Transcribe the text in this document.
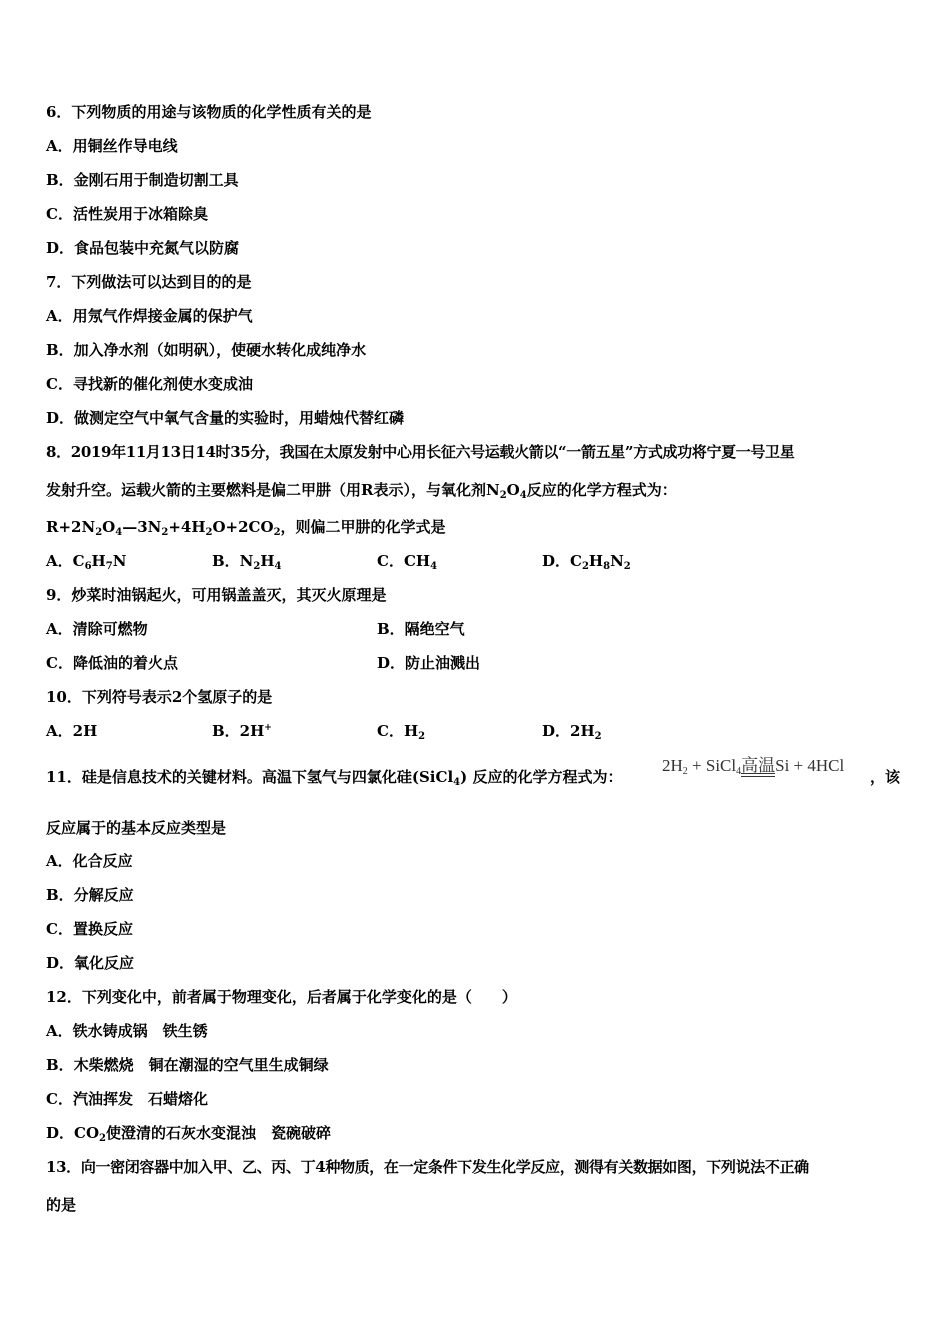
6．下列物质的用途与该物质的化学性质有关的是
A．用铜丝作导电线
B．金刚石用于制造切割工具
C．活性炭用于冰箱除臭
D．食品包装中充氮气以防腐
7．下列做法可以达到目的的是
A．用氖气作焊接金属的保护气
B．加入净水剂（如明矾），使硬水转化成纯净水
C．寻找新的催化剂使水变成油
D．做测定空气中氧气含量的实验时，用蜡烛代替红磷
8．2019年11月13日14时35分，我国在太原发射中心用长征六号运载火箭以“一箭五星”方式成功将宁夏一号卫星
发射升空。运载火箭的主要燃料是偏二甲肼（用R表示），与氧化剂$N_2O_4$反应的化学方程式为：
$R+2N_2O_4—3N_2+4H_2O+2CO_2$，则偏二甲肼的化学式是
A．$C_6H_7N$	B．$N_2H_4$	C．$CH_4$	D．$C_2H_8N_2$
9．炒菜时油锅起火，可用锅盖盖灭，其灭火原理是
A．清除可燃物	B．隔绝空气
C．降低油的着火点	D．防止油溅出
10．下列符号表示2个氢原子的是
A．2H	B．2H+	C．$H_2$	D．$2H_2$
11．硅是信息技术的关键材料。高温下氢气与四氯化硅(SiCl$_4$) 反应的化学方程式为：
$2H_2$ + SiCl$_4$高温Si + 4HCl
，该
反应属于的基本反应类型是
A．化合反应
B．分解反应
C．置换反应
D．氧化反应
12．下列变化中，前者属于物理变化，后者属于化学变化的是（　　）
A．铁水铸成锅　铁生锈
B．木柴燃烧　铜在潮湿的空气里生成铜绿
C．汽油挥发　石蜡熔化
D．$CO_2$使澄清的石灰水变混浊　瓷碗破碎
13．向一密闭容器中加入甲、乙、丙、丁4种物质，在一定条件下发生化学反应，测得有关数据如图，下列说法不正确
的是
